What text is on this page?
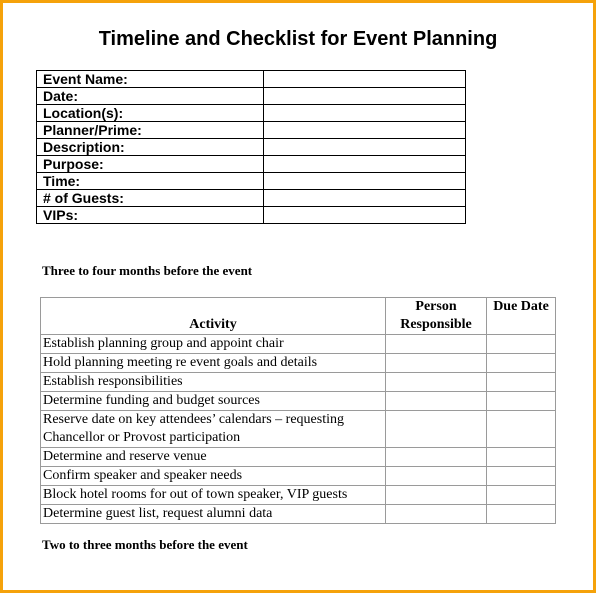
Timeline and Checklist for Event Planning
Event Name:	
Date:	
Location(s):	
Planner/Prime:	
Description:	
Purpose:	
Time:	
# of Guests:	
VIPs:	
Three to four months before the event
Activity	Person Responsible	Due Date
Establish planning group and appoint chair		
Hold planning meeting re event goals and details		
Establish responsibilities		
Determine funding and budget sources		
Reserve date on key attendees’ calendars – requesting Chancellor or Provost participation		
Determine and reserve venue		
Confirm speaker and speaker needs		
Block hotel rooms for out of town speaker, VIP guests		
Determine guest list, request alumni data		
Two to three months before the event
